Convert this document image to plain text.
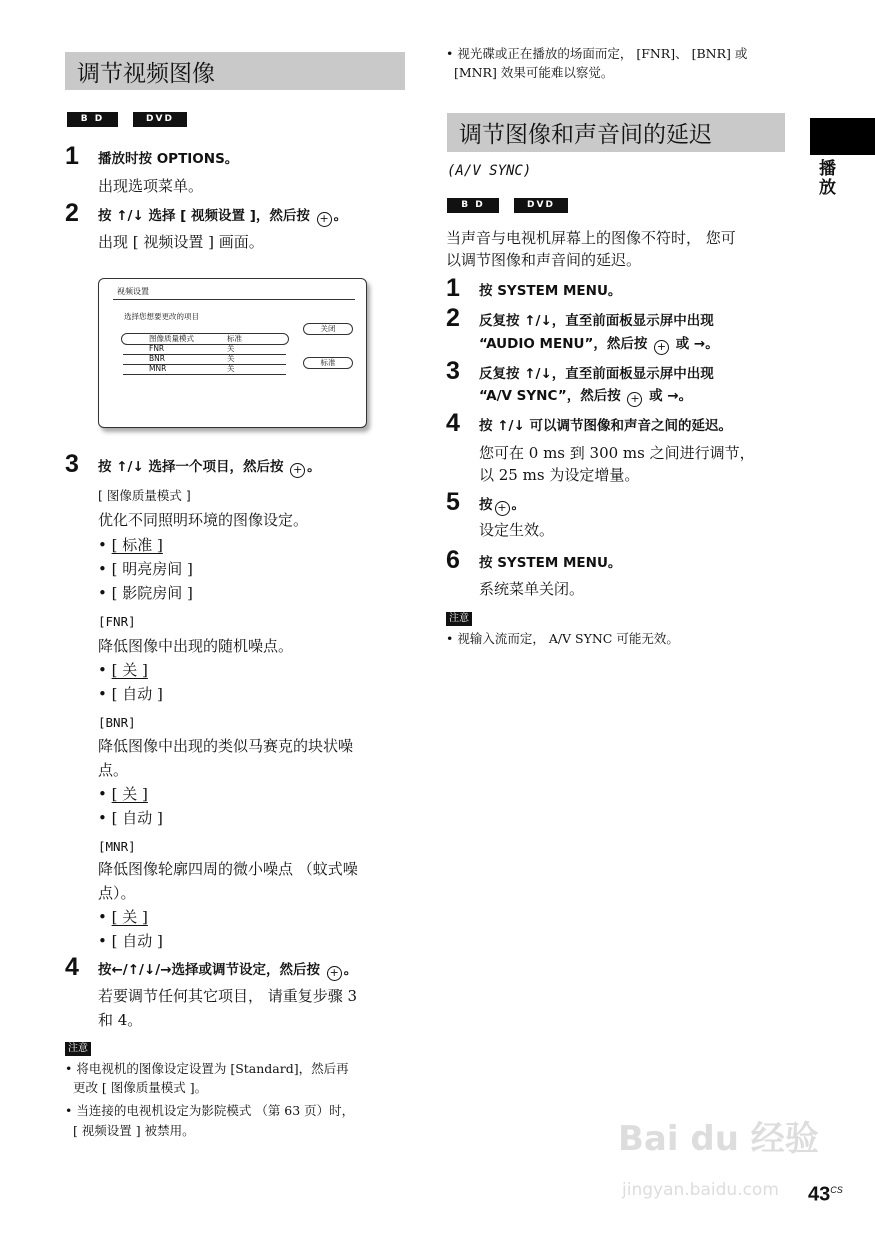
调节视频图像
B D	DVD
1 播放时按 OPTIONS。
出现选项菜单。
2 按 ↑/↓ 选择 [ 视频设置 ]，然后按 + 。
出现 [ 视频设置 ] 画面。
视频设置
选择您想要更改的项目
图像质量模式	标准
FNR	关
BNR	关
MNR	关
关闭
标准
3 按 ↑/↓ 选择一个项目，然后按 + 。
[ 图像质量模式 ]
优化不同照明环境的图像设定。
• [ 标准 ]
• [ 明亮房间 ]
• [ 影院房间 ]
[FNR]
降低图像中出现的随机噪点。
• [ 关 ]
• [ 自动 ]
[BNR]
降低图像中出现的类似马赛克的块状噪
点。
• [ 关 ]
• [ 自动 ]
[MNR]
降低图像轮廓四周的微小噪点 （蚊式噪
点）。
• [ 关 ]
• [ 自动 ]
4 按←/↑/↓/→选择或调节设定，然后按 + 。
若要调节任何其它项目， 请重复步骤 3
和 4。
注意
• 将电视机的图像设定设置为 [Standard]，然后再
更改 [ 图像质量模式 ]。
• 当连接的电视机设定为影院模式 （第 63 页）时，
[ 视频设置 ] 被禁用。
• 视光碟或正在播放的场面而定， [FNR]、 [BNR] 或
[MNR] 效果可能难以察觉。
调节图像和声音间的延迟
(A/V SYNC)
B D	DVD
当声音与电视机屏幕上的图像不符时， 您可
以调节图像和声音间的延迟。
1 按 SYSTEM MENU。
2 反复按 ↑/↓，直至前面板显示屏中出现
“AUDIO MENU”，然后按 + 或 →。
3 反复按 ↑/↓，直至前面板显示屏中出现
“A/V SYNC”，然后按 + 或 →。
4 按 ↑/↓ 可以调节图像和声音之间的延迟。
您可在 0 ms 到 300 ms 之间进行调节，
以 25 ms 为设定增量。
5 按 + 。
设定生效。
6 按 SYSTEM MENU。
系统菜单关闭。
注意
• 视输入流而定， A/V SYNC 可能无效。
播放
Bai du 经验
jingyan.baidu.com $43^{CS}$
